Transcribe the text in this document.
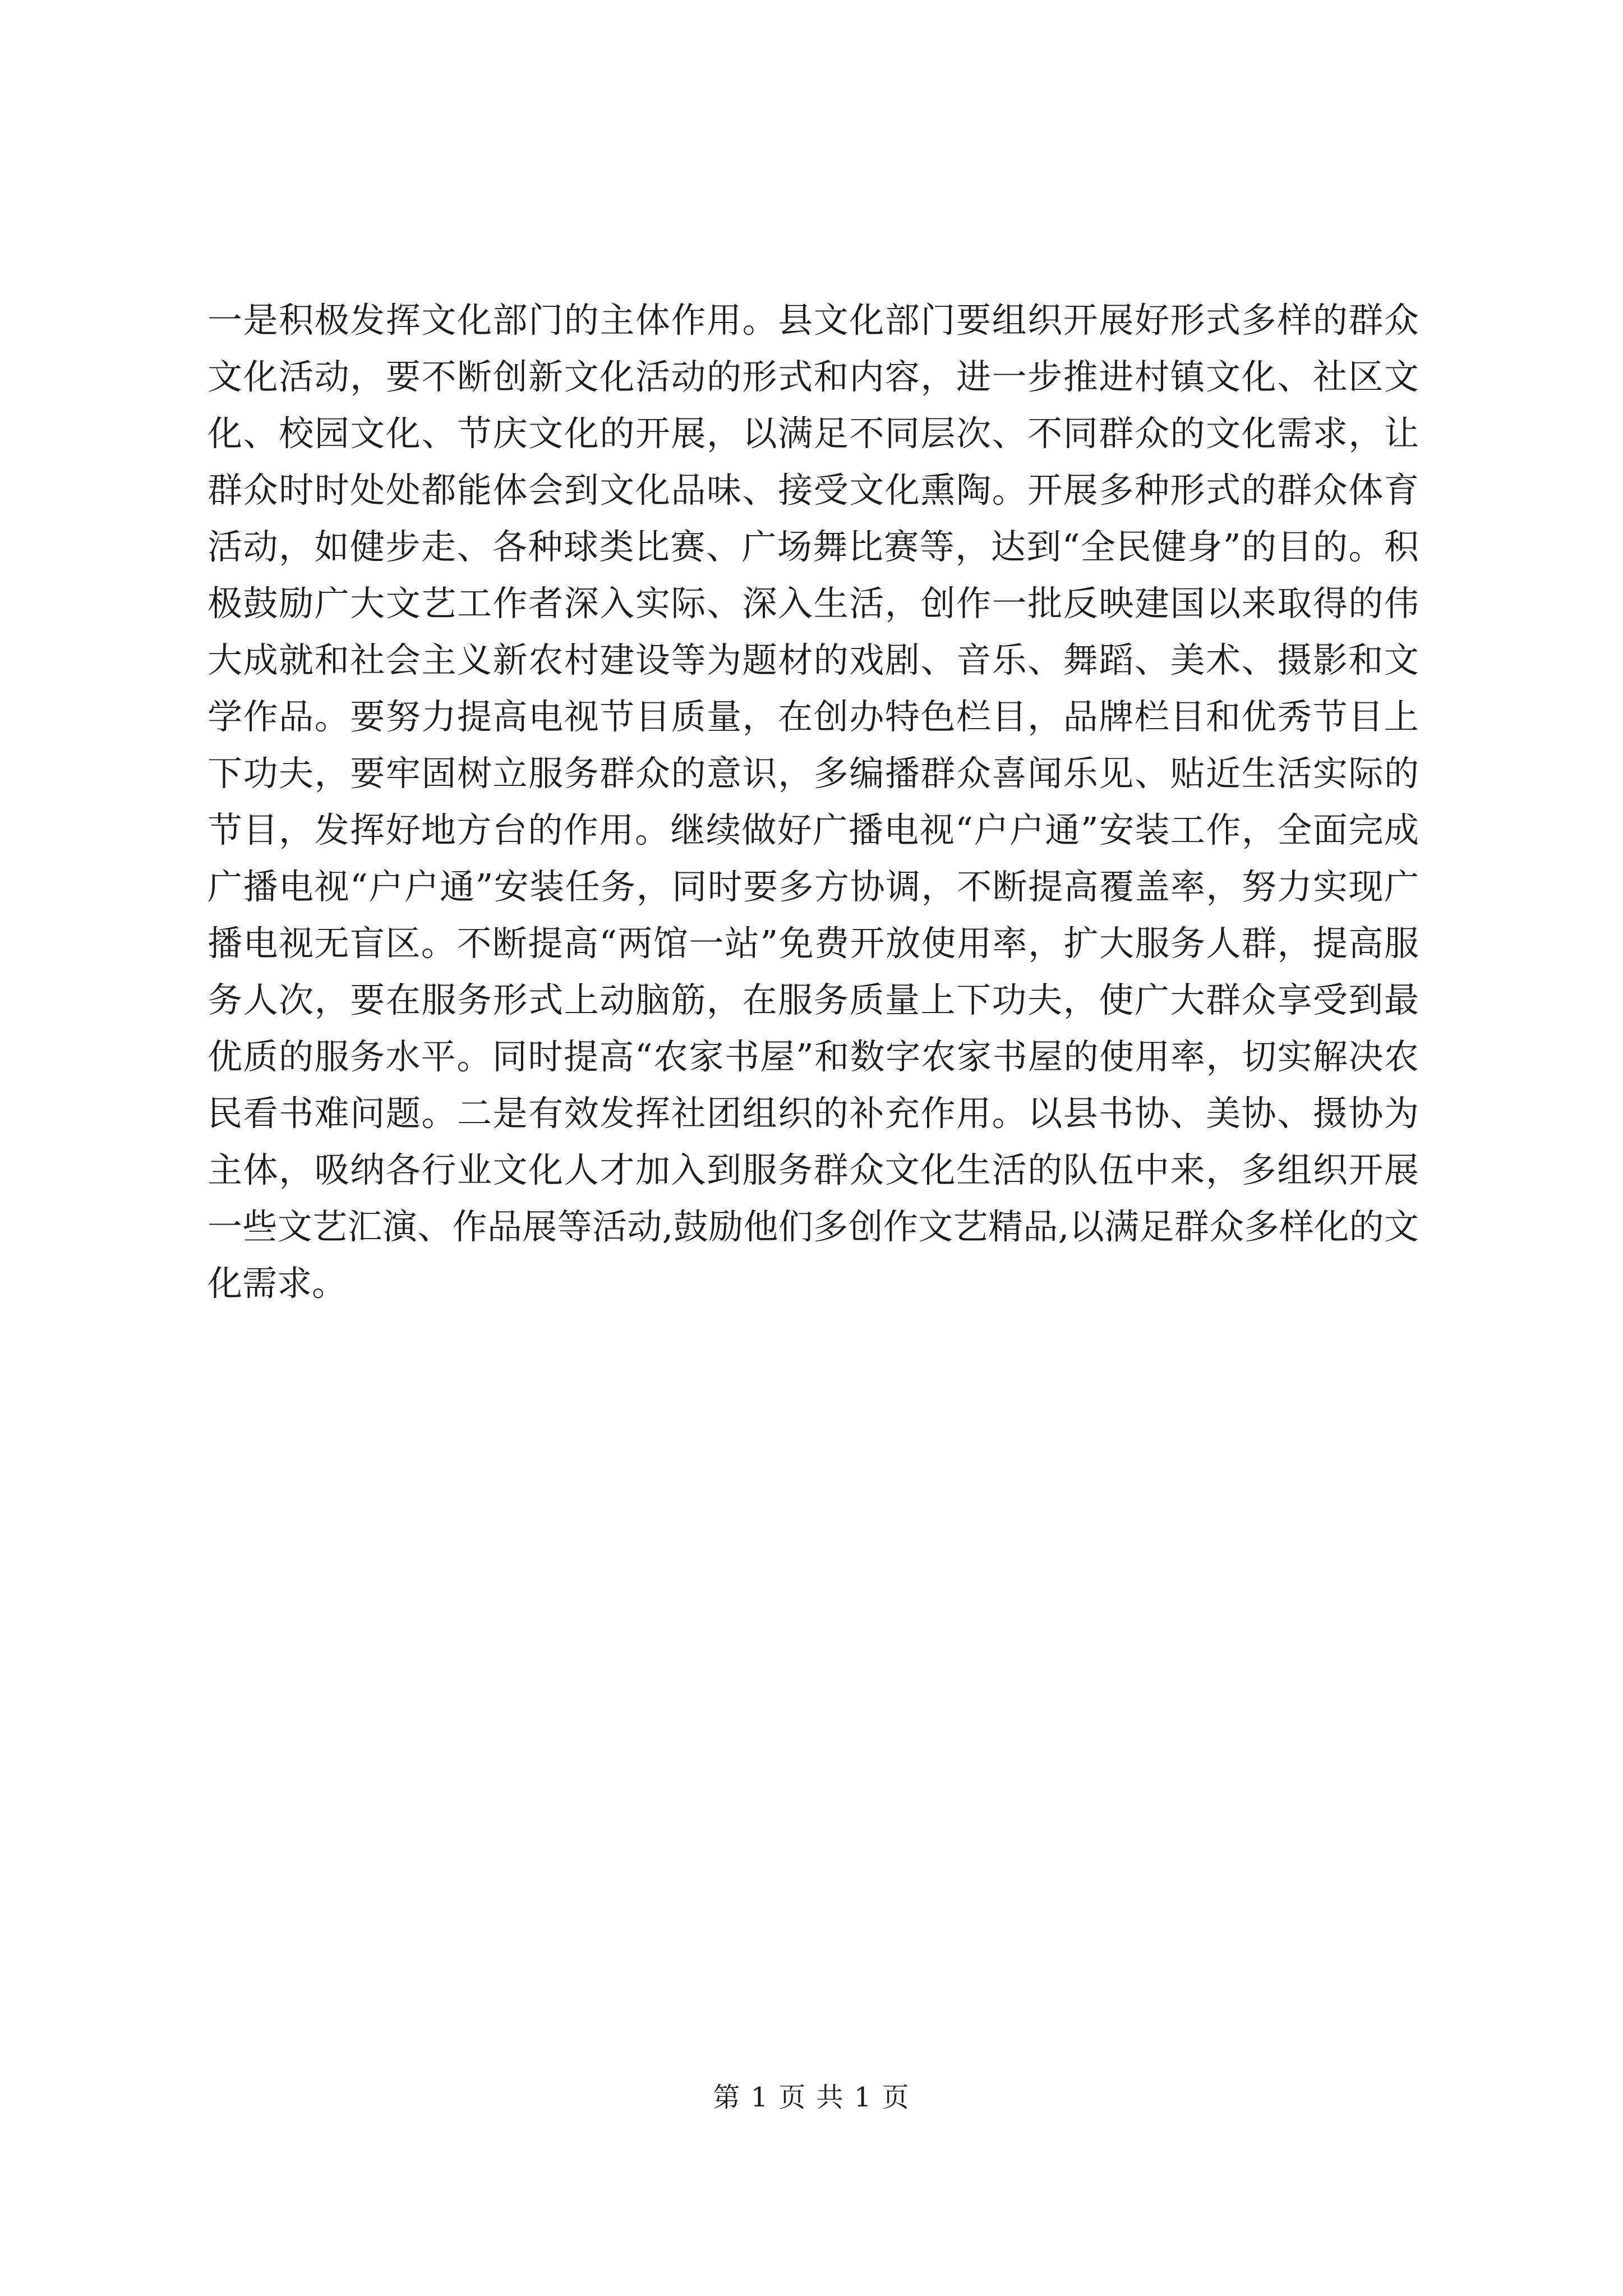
一是积极发挥文化部门的主体作用。县文化部门要组织开展好形式多样的群众文化活动，要不断创新文化活动的形式和内容，进一步推进村镇文化、社区文化、校园文化、节庆文化的开展，以满足不同层次、不同群众的文化需求，让群众时时处处都能体会到文化品味、接受文化熏陶。开展多种形式的群众体育活动，如健步走、各种球类比赛、广场舞比赛等，达到“全民健身”的目的。积极鼓励广大文艺工作者深入实际、深入生活，创作一批反映建国以来取得的伟大成就和社会主义新农村建设等为题材的戏剧、音乐、舞蹈、美术、摄影和文学作品。要努力提高电视节目质量，在创办特色栏目，品牌栏目和优秀节目上下功夫，要牢固树立服务群众的意识，多编播群众喜闻乐见、贴近生活实际的节目，发挥好地方台的作用。继续做好广播电视“户户通”安装工作，全面完成广播电视“户户通”安装任务，同时要多方协调，不断提高覆盖率，努力实现广播电视无盲区。不断提高“两馆一站”免费开放使用率，扩大服务人群，提高服务人次，要在服务形式上动脑筋，在服务质量上下功夫，使广大群众享受到最优质的服务水平。同时提高“农家书屋”和数字农家书屋的使用率，切实解决农民看书难问题。二是有效发挥社团组织的补充作用。以县书协、美协、摄协为主体，吸纳各行业文化人才加入到服务群众文化生活的队伍中来，多组织开展一些文艺汇演、作品展等活动,鼓励他们多创作文艺精品,以满足群众多样化的文化需求。

第 1 页 共 1 页
